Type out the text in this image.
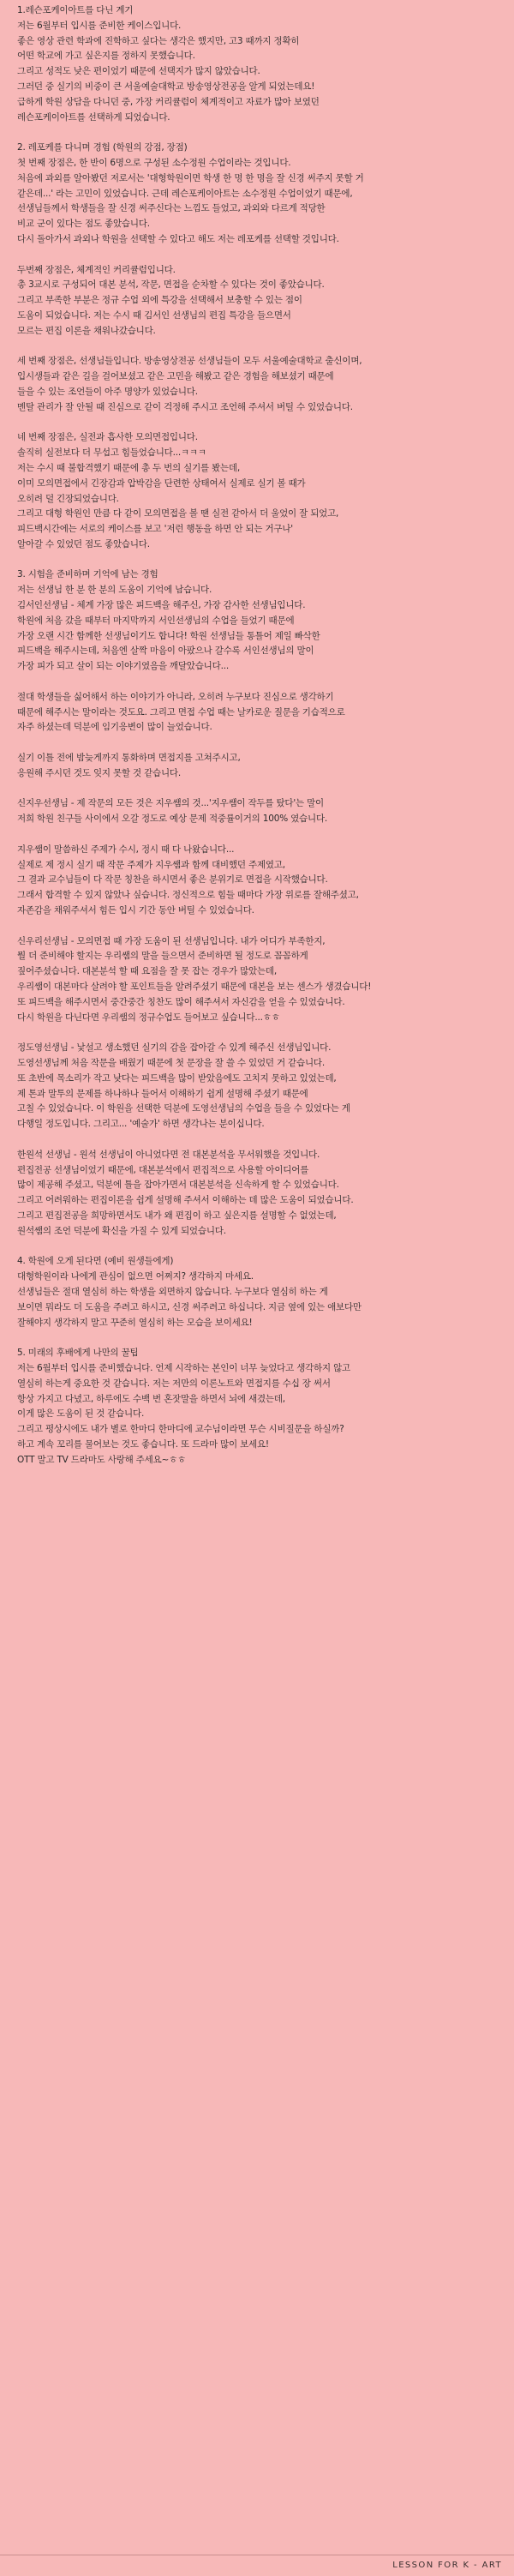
1.레슨포케이아트를 다닌 계기
저는 6월부터 입시를 준비한 케이스입니다.
좋은 영상 관련 학과에 진학하고 싶다는 생각은 했지만, 고3 때까지 정확히
어떤 학교에 가고 싶은지를 정하지 못했습니다.
그리고 성적도 낮은 편이었기 때문에 선택지가 많지 않았습니다.
그러던 중 실기의 비중이 큰 서울예술대학교 방송영상전공을 알게 되었는데요!
급하게 학원 상담을 다니던 중, 가장 커리큘럼이 체계적이고 자료가 많아 보였던
레슨포케이아트를 선택하게 되었습니다.
2. 레포케를 다니며 경험 (학원의 강점, 장점)
첫 번째 장점은, 한 반이 6명으로 구성된 소수정원 수업이라는 것입니다.
처음에 과외를 알아봤던 저로서는 '대형학원이면 학생 한 명 한 명을 잘 신경 써주지 못할 거
같은데...' 라는 고민이 있었습니다. 근데 레슨포케이아트는 소수정원 수업이었기 때문에,
선생님들께서 학생들을 잘 신경 써주신다는 느낌도 들었고, 과외와 다르게 적당한
비교 군이 있다는 점도 좋았습니다.
다시 돌아가서 과외나 학원을 선택할 수 있다고 해도 저는 레포케를 선택할 것입니다.
두번째 장점은, 체계적인 커리큘럼입니다.
총 3교시로 구성되어 대본 분석, 작문, 면접을 순차할 수 있다는 것이 좋았습니다.
그리고 부족한 부분은 정규 수업 외에 특강을 선택해서 보충할 수 있는 점이
도움이 되었습니다. 저는 수시 때 김서인 선생님의 편집 특강을 들으면서
모르는 편집 이론을 채워나갔습니다.
세 번째 장점은, 선생님들입니다. 방송영상전공 선생님들이 모두 서울예술대학교 출신이며,
입시생들과 같은 길을 걸어보셨고 같은 고민을 해봤고 같은 경험을 해보셨기 때문에
들을 수 있는 조언들이 아주 명양가 있었습니다.
멘탈 관리가 잘 안될 때 진심으로 같이 걱정해 주시고 조언해 주셔서 버틸 수 있었습니다.
네 번째 장점은, 실전과 흡사한 모의면접입니다.
솔직히 실전보다 더 무섭고 힘들었습니다...ㅋㅋㅋ
저는 수시 때 불합격했기 때문에 총 두 번의 실기를 봤는데,
이미 모의면접에서 긴장감과 압박감을 단련한 상태여서 실제로 실기 볼 때가
오히려 덜 긴장되었습니다.
그리고 대형 학원인 만큼 다 같이 모의면접을 볼 땐 실전 같아서 더 울었이 잘 되었고,
피드백시간에는 서로의 케이스를 보고 '저런 행동을 하면 안 되는 거구나'
알아갈 수 있었던 점도 좋았습니다.
3. 시험을 준비하며 기억에 남는 경험
저는 선생님 한 분 한 분의 도움이 기억에 남습니다.
김서인선생님 - 체계 가장 많은 피드백을 해주신, 가장 감사한 선생님입니다.
학원에 처음 갔을 때부터 마지막까지 서인선생님의 수업을 들었기 때문에
가장 오랜 시간 함께한 선생님이기도 합니다! 학원 선생님들 통틀어 제일 빠삭한
피드백을 해주시는데, 처음엔 살짝 마음이 아팠으나 갈수록 서인선생님의 말이
가장 피가 되고 살이 되는 이야기였음을 깨달았습니다...
절대 학생들을 싫어해서 하는 이야기가 아니라, 오히려 누구보다 진심으로 생각하기
때문에 해주시는 말이라는 것도요. 그리고 면접 수업 때는 날카로운 질문을 기습적으로
자주 하셨는데 덕분에 임기응변이 많이 늘었습니다.
실기 이틀 전에 밤늦게까지 통화하며 면접지를 고쳐주시고,
응원해 주시던 것도 잊지 못할 것 같습니다.
신지우선생님 - 제 작문의 모든 것은 지우쌤의 것...'지우쌤이 작두를 탔다'는 말이
저희 학원 친구들 사이에서 오갈 정도로 예상 문제 적중률이거의 100% 였습니다.
지우쌤이 말씀하신 주제가 수시, 정시 때 다 나왔습니다...
실제로 제 정시 실기 때 작문 주제가 지우쌤과 함께 대비했던 주제였고,
그 결과 교수님들이 다 작문 칭찬을 하시면서 좋은 분위기로 면접을 시작했습니다.
그래서 합격할 수 있지 않았나 싶습니다. 정신적으로 힘들 때마다 가장 위로를 잘해주셨고,
자존감을 채워주셔서 힘든 입시 기간 동안 버틸 수 있었습니다.
신우리선생님 - 모의면접 때 가장 도움이 된 선생님입니다. 내가 어디가 부족한지,
뭘 더 준비해야 할지는 우리쌤의 말을 들으면서 준비하면 될 정도로 꼼꼼하게
짚어주셨습니다. 대본분석 할 때 요점을 잘 못 잡는 경우가 많았는데,
우리쌤이 대본마다 살려야 할 포인트들을 알려주셨기 때문에 대본을 보는 센스가 생겼습니다!
또 피드백을 해주시면서 중간중간 칭찬도 많이 해주셔서 자신감을 얻을 수 있었습니다.
다시 학원을 다닌다면 우리쌤의 정규수업도 들어보고 싶습니다...ㅎㅎ
정도영선생님 - 낯설고 생소했던 실기의 감을 잡아갈 수 있게 해주신 선생님입니다.
도영선생님께 처음 작문을 배웠기 때문에 첫 문장을 잘 쓸 수 있었던 거 같습니다.
또 초반에 목소리가 작고 낮다는 피드백을 많이 받았음에도 고치지 못하고 있었는데,
제 톤과 말투의 문제를 하나하나 들어서 이해하기 쉽게 설명해 주셨기 때문에
고칠 수 있었습니다. 이 학원을 선택한 덕분에 도영선생님의 수업을 들을 수 있었다는 게
다행일 정도입니다. 그리고... '예술가' 하면 생각나는 분이십니다.
한원석 선생님 - 원석 선생님이 아니었다면 전 대본분석을 무서워했을 것입니다.
편집전공 선생님이었기 때문에, 대본분석에서 편집적으로 사용할 아이디어를
많이 제공해 주셨고, 덕분에 틀을 잡아가면서 대본분석을 신속하게 할 수 있었습니다.
그리고 어려워하는 편집이론을 쉽게 설명해 주셔서 이해하는 데 많은 도움이 되었습니다.
그리고 편집전공을 희망하면서도 내가 왜 편집이 하고 싶은지를 설명할 수 없었는데,
원석쌤의 조언 덕분에 확신을 가질 수 있게 되었습니다.
4. 학원에 오게 된다면 (예비 원생들에게)
대형학원이라 나에게 관심이 없으면 어쩌지? 생각하지 마세요.
선생님들은 절대 열심히 하는 학생을 외면하지 않습니다. 누구보다 열심히 하는 게
보이면 뭐라도 더 도움을 주려고 하시고, 신경 써주려고 하십니다. 지금 옆에 있는 애보다만
잘해야지 생각하지 말고 꾸준히 열심히 하는 모습을 보이세요!
5. 미래의 후배에게 나만의 꿀팁
저는 6월부터 입시를 준비했습니다. 언제 시작하는 본인이 너무 늦었다고 생각하지 않고
열심히 하는게 중요한 것 같습니다. 저는 저만의 이론노트와 면접지를 수십 장 써서
항상 가지고 다녔고, 하루에도 수백 번 혼잣말을 하면서 뇌에 새겼는데,
이게 많은 도움이 된 것 같습니다.
그리고 평상시에도 내가 별로 한마디 한마디에 교수님이라면 무슨 시비질문을 하실까?
하고 계속 꼬리를 물어보는 것도 좋습니다. 또 드라마 많이 보세요!
OTT 말고 TV 드라마도 사랑해 주세요~ㅎㅎ
LESSON FOR K - ART
